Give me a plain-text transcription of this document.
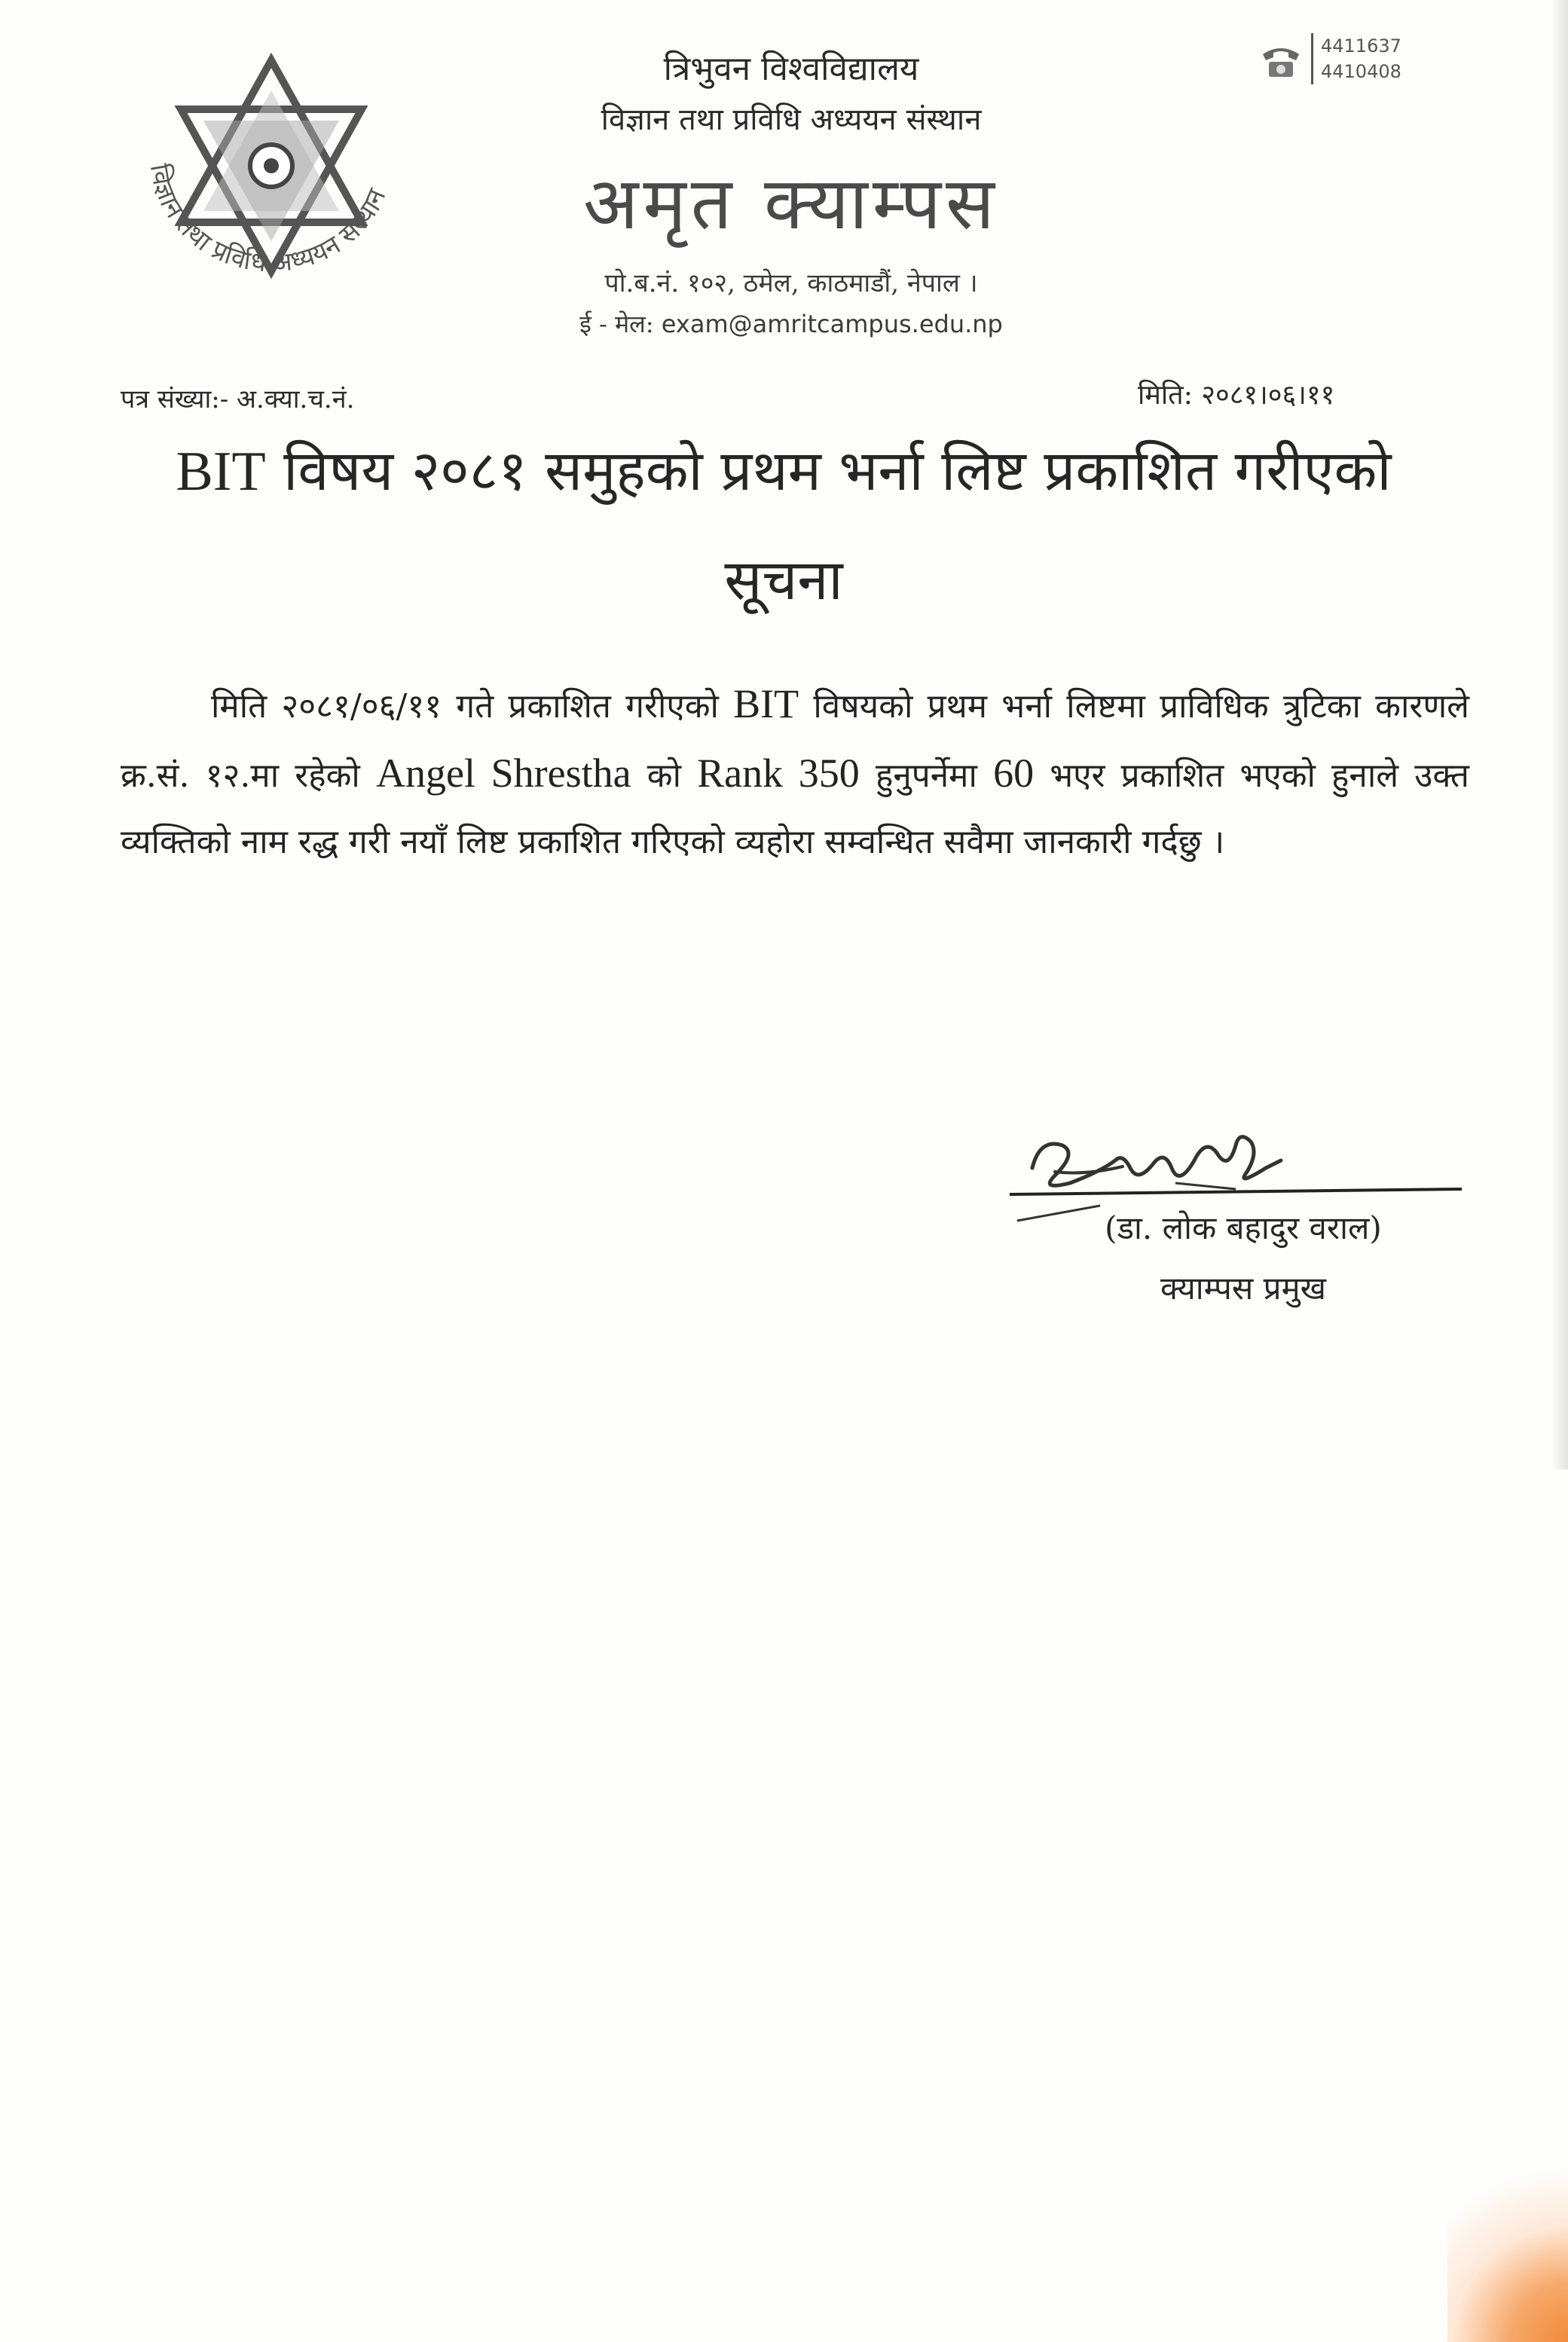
विज्ञान तथा प्रविधि अध्ययन संस्थान
त्रिभुवन विश्वविद्यालय
विज्ञान तथा प्रविधि अध्ययन संस्थान
अमृत क्याम्पस
पो.ब.नं. १०२, ठमेल, काठमाडौं, नेपाल ।
ई - मेल: exam@amritcampus.edu.np
4411637
4410408
पत्र संख्या:- अ.क्या.च.नं.	मिति: २०८१।०६।११
BIT विषय २०८१ समुहको प्रथम भर्ना लिष्ट प्रकाशित गरीएको
सूचना
मिति २०८१/०६/११ गते प्रकाशित गरीएको BIT विषयको प्रथम भर्ना लिष्टमा प्राविधिक त्रुटिका कारणले क्र.सं. १२.मा रहेको Angel Shrestha को Rank 350 हुनुपर्नेमा 60 भएर प्रकाशित भएको हुनाले उक्त व्यक्तिको नाम रद्ध गरी नयाँ लिष्ट प्रकाशित गरिएको व्यहोरा सम्वन्धित सवैमा जानकारी गर्दछु ।
(डा. लोक बहादुर वराल)
क्याम्पस प्रमुख
